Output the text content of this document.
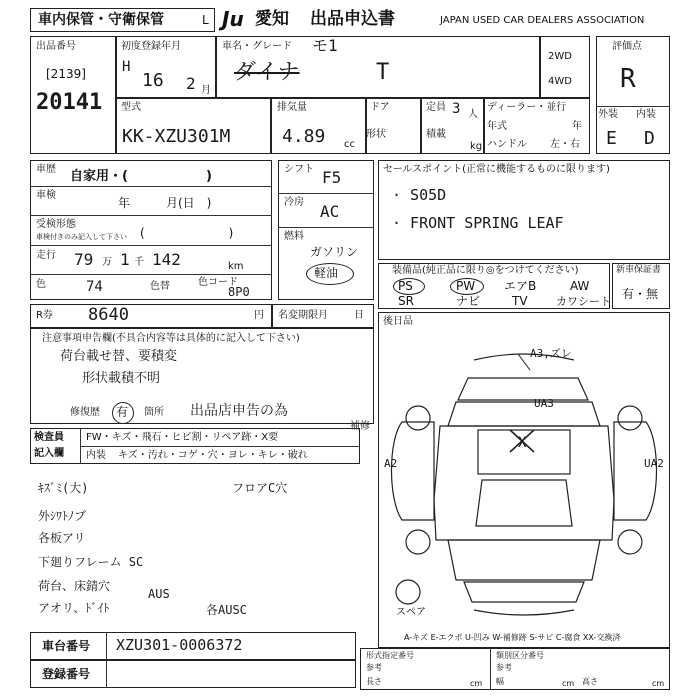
車内保管・守衛保管	L Ju 愛知 出品申込書	JAPAN USED CAR DEALERS ASSOCIATION
出品番号
[2139]
20141
初度登録年月
H
16 2 月
車名・グレード モ1
ダイナ	T
2WD
4WD
評価点
R
外装 内装
E D
型式
KK-XZU301M
排気量
4.89 cc
ドア
形状
定員 3 人
積載
kg
ディーラー・並行
年式	年
ハンドル 左・右
車歴 自家用・(　　　　　　)
車検
年　　　月(日　)
受検形態
車検付きのみ記入して下さい (　　　　　　　)
走行 79 万 1 千 142	km
色	74	色替	色コード
8P0
シフト F5
冷房 AC
燃料
ガソリン
軽油
セールスポイント(正常に機能するものに限ります)
· S05D
· FRONT SPRING LEAF
装備品(純正品に限り◎をつけてください)
PS	PW エアB	AW
SR	ナビ	TV	カワシート
新車保証書
有・無
R券 8640	円 名変期限 月	日
注意事項申告欄(不具合内容等は具体的に記入して下さい)
荷台載せ替、要積変
形状載積不明
修復歴 有 箇所 出品店申告の為
検査員
記入欄
FW・キズ・飛石・ヒビ割・リペア跡・X要
内装 キズ・汚れ・コゲ・穴・ヨレ・キレ・破れ
補修
ｷｽﾞﾐ(大)
外ｼﾜﾄﾉブ
各板アリ
下廻りフレーム SC
荷台、床錆穴
アオリ、ﾄﾞｲﾄ
フロアC穴
AUS
各AUSC
後日品
A3,ズレ
UA3
A2	UA2
X
スペア
A-キズ E-エクボ U-凹み W-補修跡 S-サビ C-腐食 XX-交換済
車台番号 XZU301-0006372
登録番号
形式指定番号
参考
長さ	cm
類別区分番号
参考
幅	高さ
cm	cm
